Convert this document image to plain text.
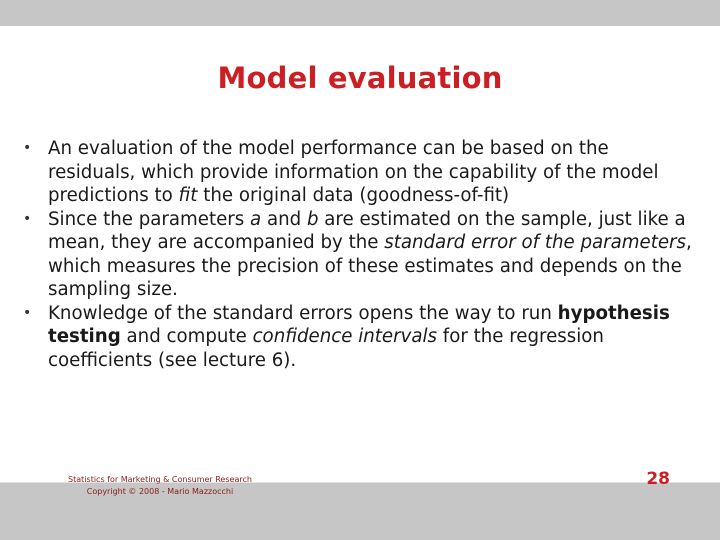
Model evaluation
• An evaluation of the model performance can be based on the residuals, which provide information on the capability of the model predictions to fit the original data (goodness-of-fit)
• Since the parameters a and b are estimated on the sample, just like a mean, they are accompanied by the standard error of the parameters, which measures the precision of these estimates and depends on the sampling size.
• Knowledge of the standard errors opens the way to run hypothesis testing and compute confidence intervals for the regression coefficients (see lecture 6).
Statistics for Marketing & Consumer Research
Copyright © 2008 - Mario Mazzocchi
28
